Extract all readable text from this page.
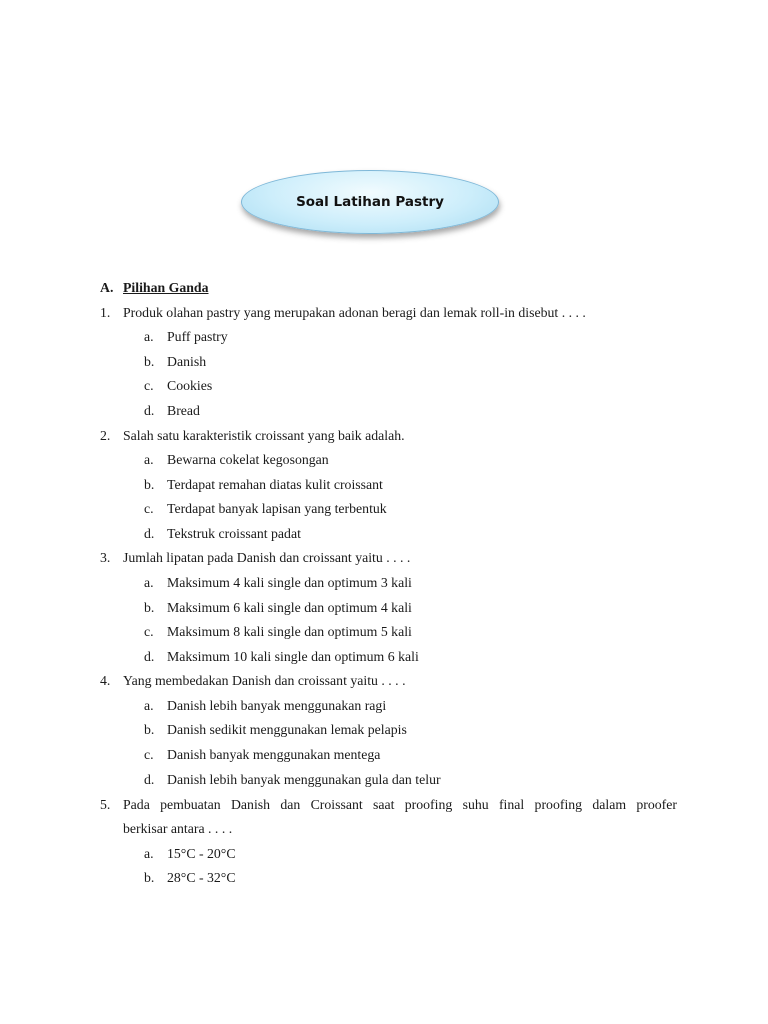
Soal Latihan Pastry
A. Pilihan Ganda
1. Produk olahan pastry yang merupakan adonan beragi dan lemak roll-in disebut . . . .
a. Puff pastry
b. Danish
c. Cookies
d. Bread
2. Salah satu karakteristik croissant yang baik adalah.
a. Bewarna cokelat kegosongan
b. Terdapat remahan diatas kulit croissant
c. Terdapat banyak lapisan yang terbentuk
d. Tekstruk croissant padat
3. Jumlah lipatan pada Danish dan croissant yaitu . . . .
a. Maksimum 4 kali single dan optimum 3 kali
b. Maksimum 6 kali single dan optimum 4 kali
c. Maksimum 8 kali single dan optimum 5 kali
d. Maksimum 10 kali single dan optimum 6 kali
4. Yang membedakan Danish dan croissant yaitu . . . .
a. Danish lebih banyak menggunakan ragi
b. Danish sedikit menggunakan lemak pelapis
c. Danish banyak menggunakan mentega
d. Danish lebih banyak menggunakan gula dan telur
5. Pada pembuatan Danish dan Croissant saat proofing suhu final proofing dalam proofer
berkisar antara . . . .
a. 15°C - 20°C
b. 28°C - 32°C
